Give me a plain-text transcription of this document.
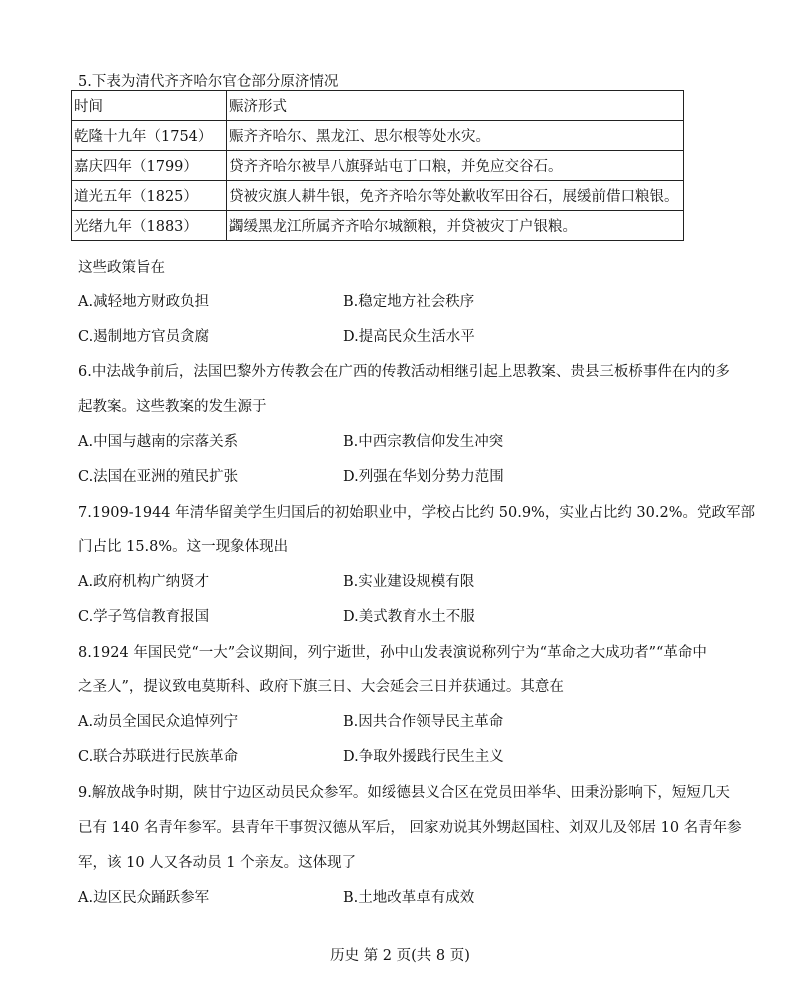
5.下表为清代齐齐哈尔官仓部分原济情况
时间	赈济形式
乾隆十九年（1754）	赈齐齐哈尔、黑龙江、思尔根等处水灾。
嘉庆四年（1799）	贷齐齐哈尔被旱八旗驿站屯丁口粮，并免应交谷石。
道光五年（1825）	贷被灾旗人耕牛银，免齐齐哈尔等处歉收军田谷石，展缓前借口粮银。
光绪九年（1883）	蠲缓黑龙江所属齐齐哈尔城额粮，并贷被灾丁户银粮。
这些政策旨在
A.减轻地方财政负担	B.稳定地方社会秩序
C.遏制地方官员贪腐	D.提高民众生活水平
6.中法战争前后，法国巴黎外方传教会在广西的传教活动相继引起上思教案、贵县三板桥事件在内的多
起教案。这些教案的发生源于
A.中国与越南的宗落关系	B.中西宗教信仰发生冲突
C.法国在亚洲的殖民扩张	D.列强在华划分势力范围
7.1909-1944 年清华留美学生归国后的初始职业中，学校占比约 50.9%，实业占比约 30.2%。党政军部
门占比 15.8%。这一现象体现出
A.政府机构广纳贤才	B.实业建设规模有限
C.学子笃信教育报国	D.美式教育水土不服
8.1924 年国民党“一大”会议期间，列宁逝世，孙中山发表演说称列宁为“革命之大成功者”“革命中
之圣人”，提议致电莫斯科、政府下旗三日、大会延会三日并获通过。其意在
A.动员全国民众追悼列宁	B.因共合作领导民主革命
C.联合苏联进行民族革命	D.争取外援践行民生主义
9.解放战争时期，陕甘宁边区动员民众参军。如绥德县义合区在党员田举华、田秉汾影响下，短短几天
已有 140 名青年参军。县青年干事贺汉德从军后， 回家劝说其外甥赵国柱、刘双儿及邻居 10 名青年参
军，该 10 人又各动员 1 个亲友。这体现了
A.边区民众踊跃参军	B.土地改革卓有成效
历史 第 2 页(共 8 页)
